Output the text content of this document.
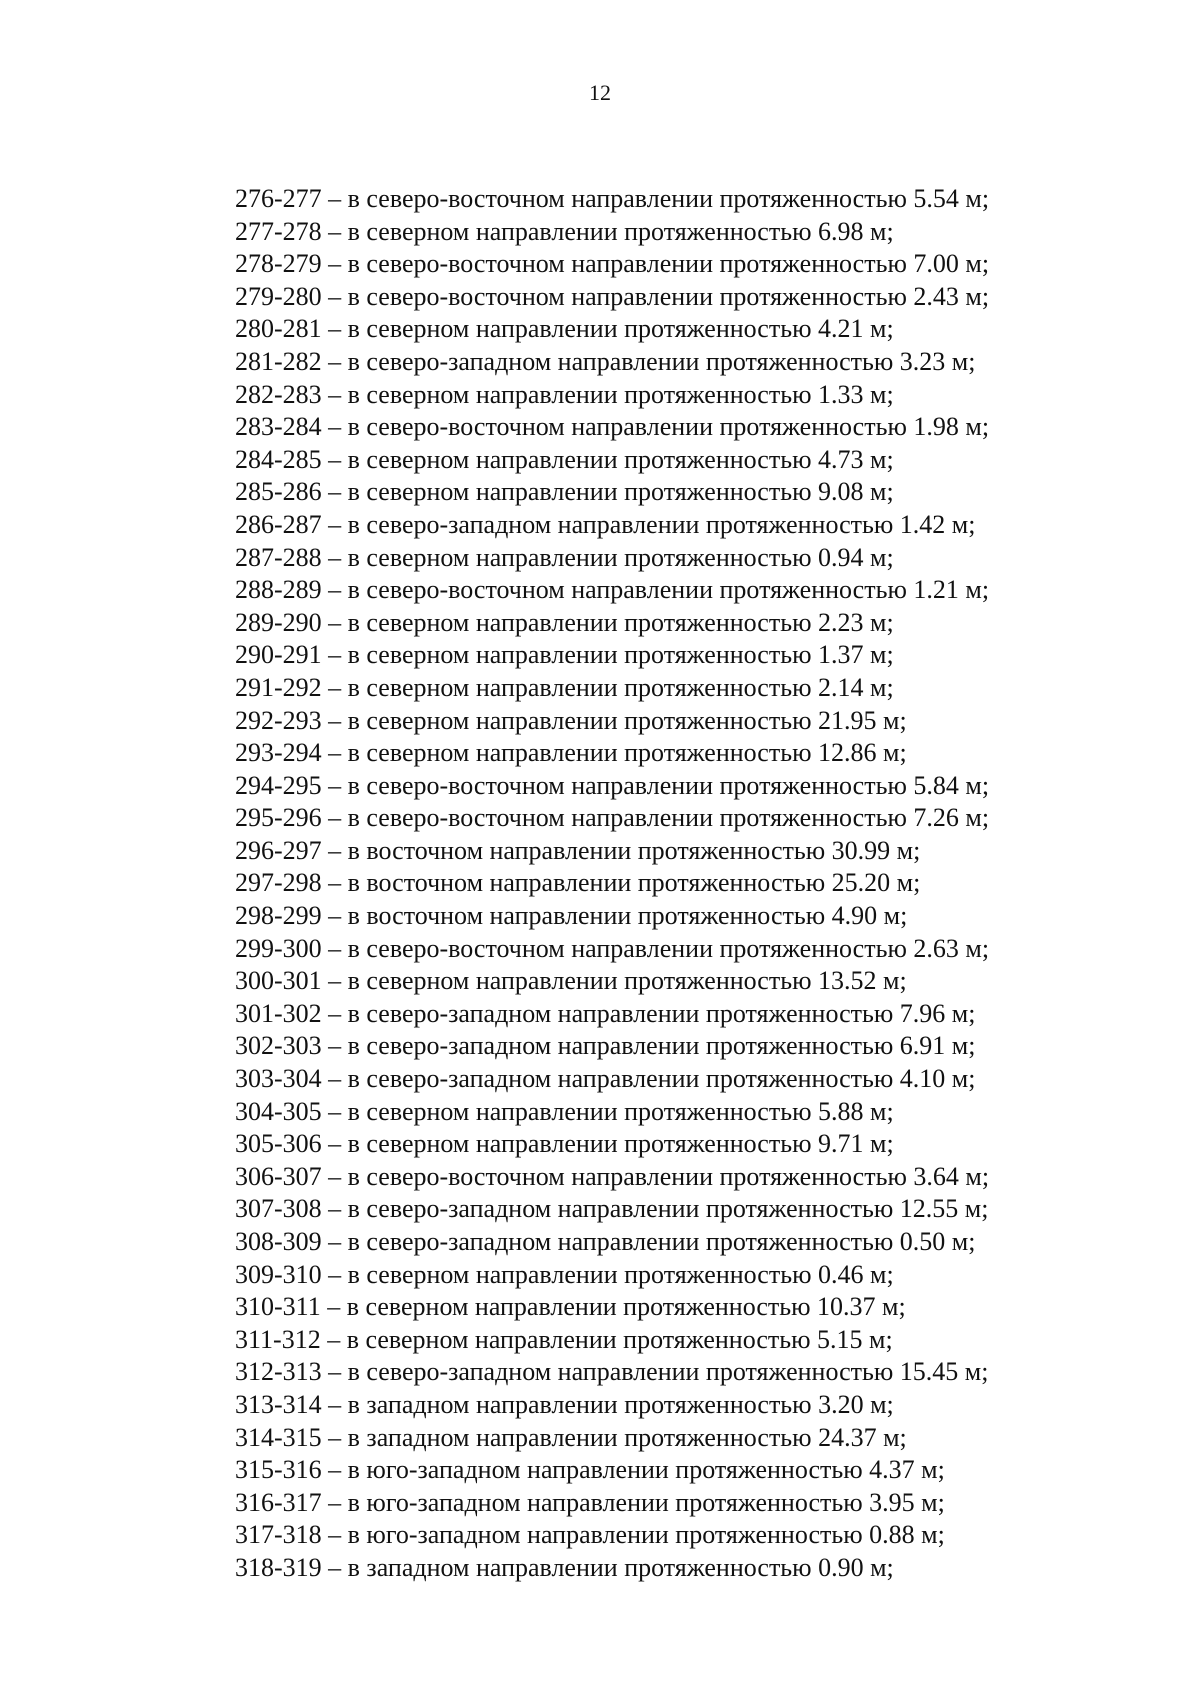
12
276-277 – в северо-восточном направлении протяженностью 5.54 м;
277-278 – в северном направлении протяженностью 6.98 м;
278-279 – в северо-восточном направлении протяженностью 7.00 м;
279-280 – в северо-восточном направлении протяженностью 2.43 м;
280-281 – в северном направлении протяженностью 4.21 м;
281-282 – в северо-западном направлении протяженностью 3.23 м;
282-283 – в северном направлении протяженностью 1.33 м;
283-284 – в северо-восточном направлении протяженностью 1.98 м;
284-285 – в северном направлении протяженностью 4.73 м;
285-286 – в северном направлении протяженностью 9.08 м;
286-287 – в северо-западном направлении протяженностью 1.42 м;
287-288 – в северном направлении протяженностью 0.94 м;
288-289 – в северо-восточном направлении протяженностью 1.21 м;
289-290 – в северном направлении протяженностью 2.23 м;
290-291 – в северном направлении протяженностью 1.37 м;
291-292 – в северном направлении протяженностью 2.14 м;
292-293 – в северном направлении протяженностью 21.95 м;
293-294 – в северном направлении протяженностью 12.86 м;
294-295 – в северо-восточном направлении протяженностью 5.84 м;
295-296 – в северо-восточном направлении протяженностью 7.26 м;
296-297 – в восточном направлении протяженностью 30.99 м;
297-298 – в восточном направлении протяженностью 25.20 м;
298-299 – в восточном направлении протяженностью 4.90 м;
299-300 – в северо-восточном направлении протяженностью 2.63 м;
300-301 – в северном направлении протяженностью 13.52 м;
301-302 – в северо-западном направлении протяженностью 7.96 м;
302-303 – в северо-западном направлении протяженностью 6.91 м;
303-304 – в северо-западном направлении протяженностью 4.10 м;
304-305 – в северном направлении протяженностью 5.88 м;
305-306 – в северном направлении протяженностью 9.71 м;
306-307 – в северо-восточном направлении протяженностью 3.64 м;
307-308 – в северо-западном направлении протяженностью 12.55 м;
308-309 – в северо-западном направлении протяженностью 0.50 м;
309-310 – в северном направлении протяженностью 0.46 м;
310-311 – в северном направлении протяженностью 10.37 м;
311-312 – в северном направлении протяженностью 5.15 м;
312-313 – в северо-западном направлении протяженностью 15.45 м;
313-314 – в западном направлении протяженностью 3.20 м;
314-315 – в западном направлении протяженностью 24.37 м;
315-316 – в юго-западном направлении протяженностью 4.37 м;
316-317 – в юго-западном направлении протяженностью 3.95 м;
317-318 – в юго-западном направлении протяженностью 0.88 м;
318-319 – в западном направлении протяженностью 0.90 м;
